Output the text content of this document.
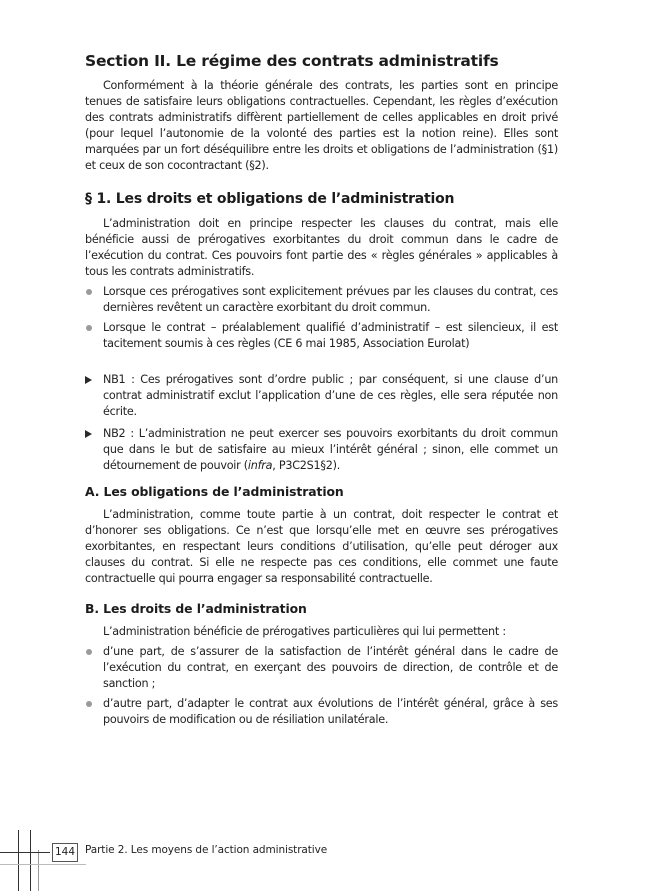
Section II. Le régime des contrats administratifs

Conformément à la théorie générale des contrats, les parties sont en principe tenues de satisfaire leurs obligations contractuelles. Cependant, les règles d’exécution des contrats administratifs diffèrent partiellement de celles applicables en droit privé (pour lequel l’autonomie de la volonté des parties est la notion reine). Elles sont marquées par un fort déséquilibre entre les droits et obligations de l’administration (§1) et ceux de son cocontractant (§2).

§ 1. Les droits et obligations de l’administration

L’administration doit en principe respecter les clauses du contrat, mais elle bénéficie aussi de prérogatives exorbitantes du droit commun dans le cadre de l’exécution du contrat. Ces pouvoirs font partie des « règles générales » applicables à tous les contrats administratifs.

Lorsque ces prérogatives sont explicitement prévues par les clauses du contrat, ces dernières revêtent un caractère exorbitant du droit commun.
Lorsque le contrat – préalablement qualifié d’administratif – est silencieux, il est tacitement soumis à ces règles (CE 6 mai 1985, Association Eurolat)
NB1 : Ces prérogatives sont d’ordre public ; par conséquent, si une clause d’un contrat administratif exclut l’application d’une de ces règles, elle sera réputée non écrite.
NB2 : L’administration ne peut exercer ses pouvoirs exorbitants du droit commun que dans le but de satisfaire au mieux l’intérêt général ; sinon, elle commet un détournement de pouvoir (infra, P3C2S1§2).
A. Les obligations de l’administration

L’administration, comme toute partie à un contrat, doit respecter le contrat et d’honorer ses obligations. Ce n’est que lorsqu’elle met en œuvre ses prérogatives exorbitantes, en respectant leurs conditions d’utilisation, qu’elle peut déroger aux clauses du contrat. Si elle ne respecte pas ces conditions, elle commet une faute contractuelle qui pourra engager sa responsabilité contractuelle.

B. Les droits de l’administration

L’administration bénéficie de prérogatives particulières qui lui permettent :

d’une part, de s’assurer de la satisfaction de l’intérêt général dans le cadre de l’exécution du contrat, en exerçant des pouvoirs de direction, de contrôle et de sanction ;
d’autre part, d’adapter le contrat aux évolutions de l’intérêt général, grâce à ses pouvoirs de modification ou de résiliation unilatérale.
144 Partie 2. Les moyens de l’action administrative
